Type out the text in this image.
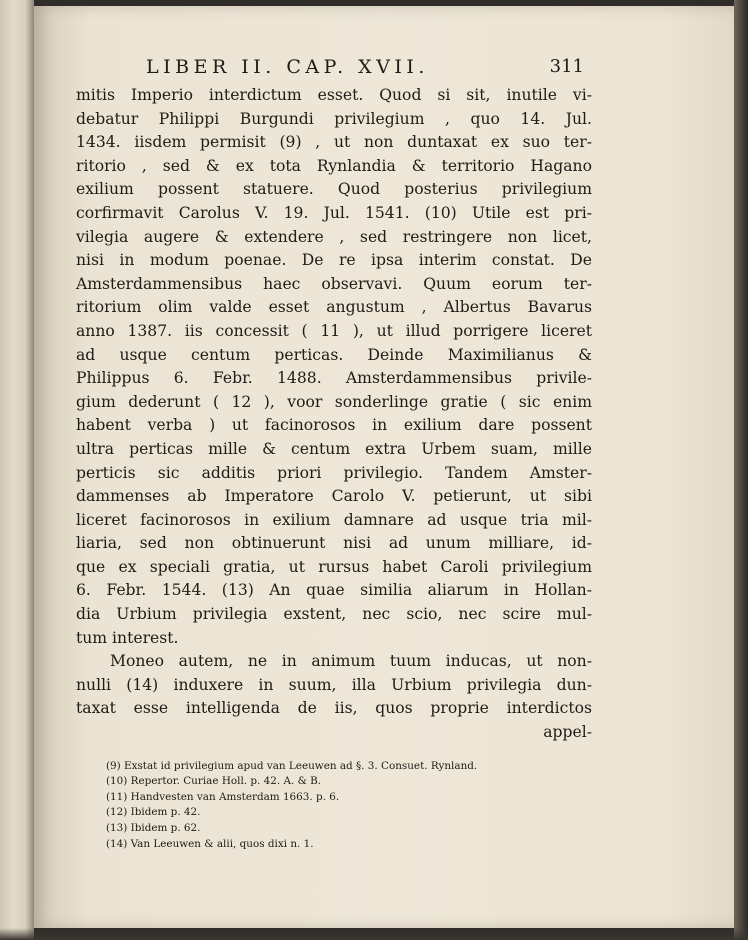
LIBER II. CAP. XVII.	311
mitis Imperio interdictum esset. Quod si sit, inutile vi-
debatur Philippi Burgundi privilegium , quo 14. Jul.
1434. iisdem permisit (9) , ut non duntaxat ex suo ter-
ritorio , sed & ex tota Rynlandia & territorio Hagano
exilium possent statuere. Quod posterius privilegium
corfirmavit Carolus V. 19. Jul. 1541. (10) Utile est pri-
vilegia augere & extendere , sed restringere non licet,
nisi in modum poenae. De re ipsa interim constat. De
Amsterdammensibus haec observavi. Quum eorum ter-
ritorium olim valde esset angustum , Albertus Bavarus
anno 1387. iis concessit ( 11 ), ut illud porrigere liceret
ad usque centum perticas. Deinde Maximilianus &
Philippus 6. Febr. 1488. Amsterdammensibus privile-
gium dederunt ( 12 ), voor sonderlinge gratie ( sic enim
habent verba ) ut facinorosos in exilium dare possent
ultra perticas mille & centum extra Urbem suam, mille
perticis sic additis priori privilegio. Tandem Amster-
dammenses ab Imperatore Carolo V. petierunt, ut sibi
liceret facinorosos in exilium damnare ad usque tria mil-
liaria, sed non obtinuerunt nisi ad unum milliare, id-
que ex speciali gratia, ut rursus habet Caroli privilegium
6. Febr. 1544. (13) An quae similia aliarum in Hollan-
dia Urbium privilegia exstent, nec scio, nec scire mul-
tum interest.
Moneo autem, ne in animum tuum inducas, ut non-
nulli (14) induxere in suum, illa Urbium privilegia dun-
taxat esse intelligenda de iis, quos proprie interdictos
appel-
(9) Exstat id privilegium apud van Leeuwen ad §. 3. Consuet. Rynland.
(10) Repertor. Curiae Holl. p. 42. A. & B.
(11) Handvesten van Amsterdam 1663. p. 6.
(12) Ibidem p. 42.
(13) Ibidem p. 62.
(14) Van Leeuwen & alii, quos dixi n. 1.
